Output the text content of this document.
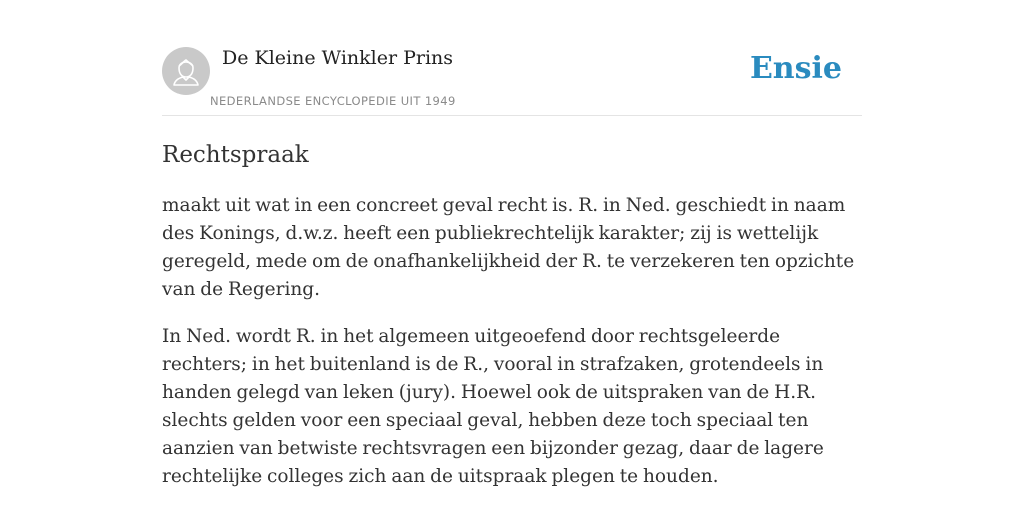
De Kleine Winkler Prins
NEDERLANDSE ENCYCLOPEDIE UIT 1949
Ensie
Rechtspraak

maakt uit wat in een concreet geval recht is. R. in Ned. geschiedt in naam des Konings, d.w.z. heeft een publiekrechtelijk karakter; zij is wettelijk geregeld, mede om de onafhankelijkheid der R. te verzekeren ten opzichte van de Regering.

In Ned. wordt R. in het algemeen uitgeoefend door rechtsgeleerde rechters; in het buitenland is de R., vooral in strafzaken, grotendeels in handen gelegd van leken (jury). Hoewel ook de uitspraken van de H.R. slechts gelden voor een speciaal geval, hebben deze toch speciaal ten aanzien van betwiste rechtsvragen een bijzonder gezag, daar de lagere rechtelijke colleges zich aan de uitspraak plegen te houden.
